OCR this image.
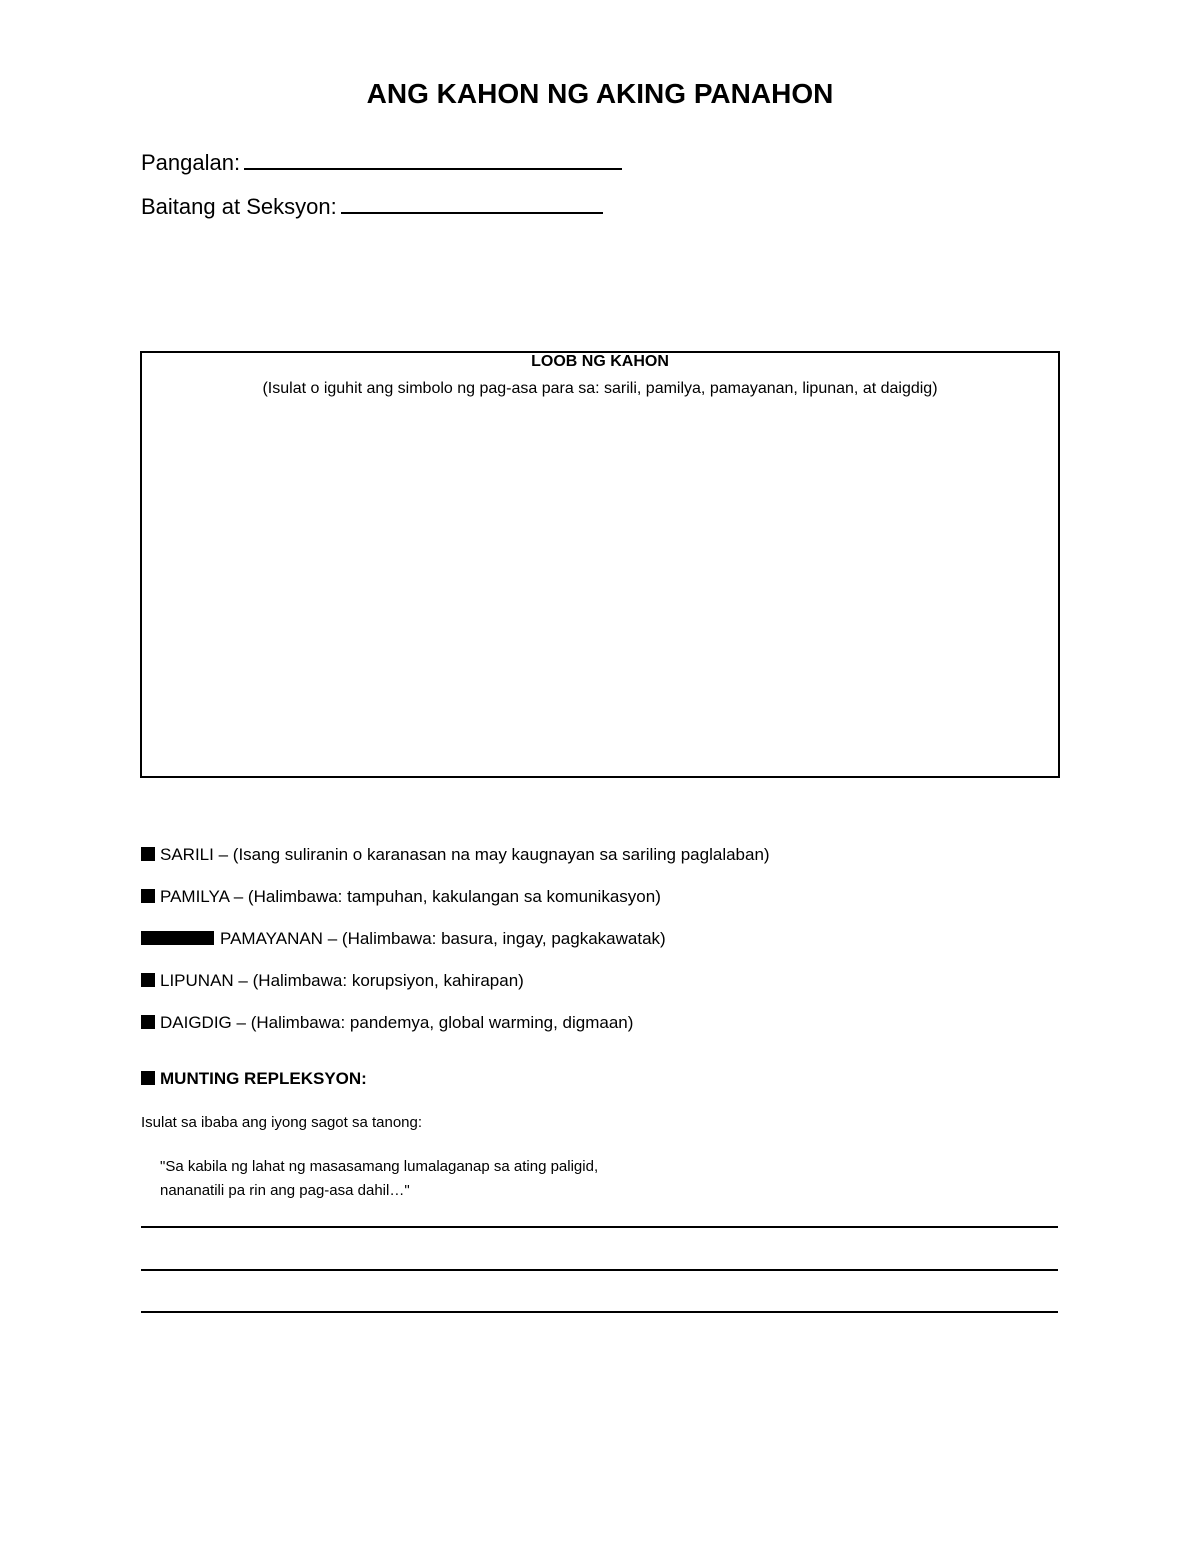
ANG KAHON NG AKING PANAHON
Pangalan:
Baitang at Seksyon:
LOOB NG KAHON
(Isulat o iguhit ang simbolo ng pag-asa para sa: sarili, pamilya, pamayanan, lipunan, at daigdig)
SARILI – (Isang suliranin o karanasan na may kaugnayan sa sariling paglalaban)
PAMILYA – (Halimbawa: tampuhan, kakulangan sa komunikasyon)
PAMAYANAN – (Halimbawa: basura, ingay, pagkakawatak)
LIPUNAN – (Halimbawa: korupsiyon, kahirapan)
DAIGDIG – (Halimbawa: pandemya, global warming, digmaan)
MUNTING REPLEKSYON:
Isulat sa ibaba ang iyong sagot sa tanong:
"Sa kabila ng lahat ng masasamang lumalaganap sa ating paligid,
nananatili pa rin ang pag-asa dahil…"
